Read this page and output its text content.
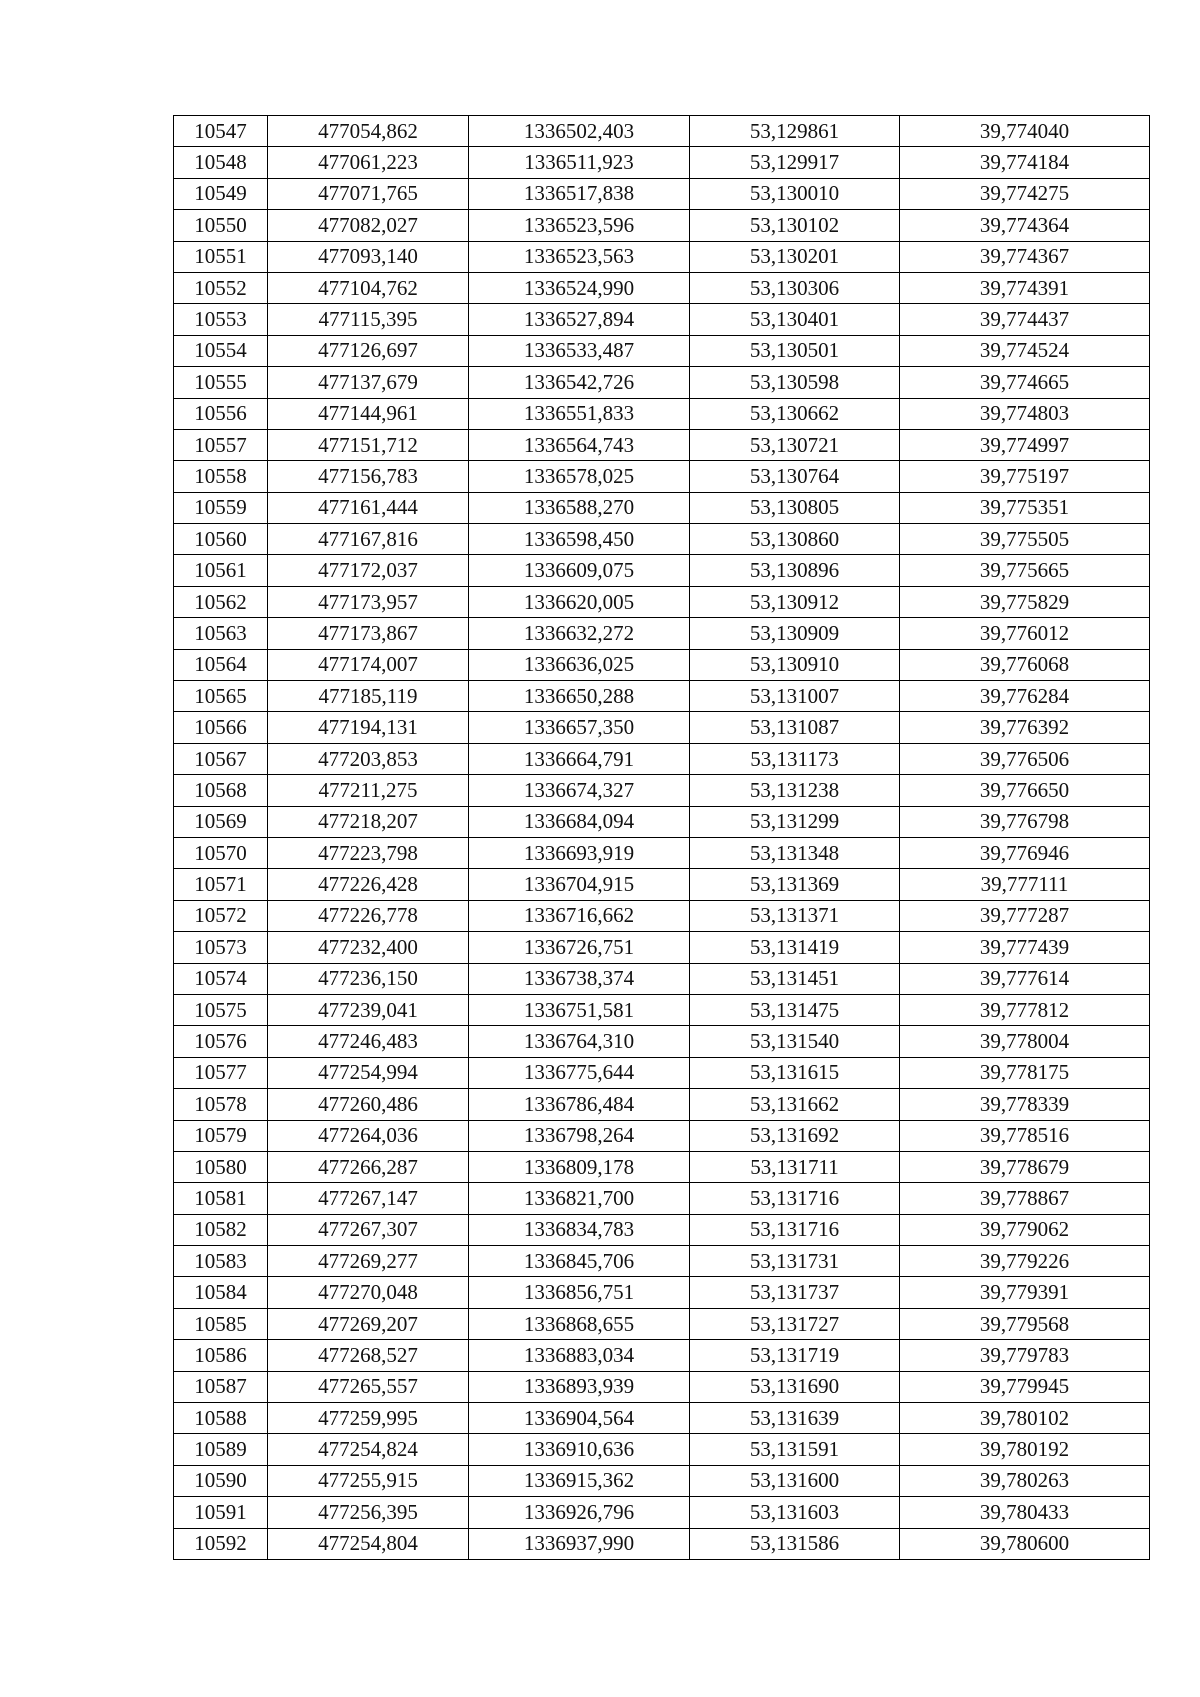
10547	477054,862	1336502,403	53,129861	39,774040
10548	477061,223	1336511,923	53,129917	39,774184
10549	477071,765	1336517,838	53,130010	39,774275
10550	477082,027	1336523,596	53,130102	39,774364
10551	477093,140	1336523,563	53,130201	39,774367
10552	477104,762	1336524,990	53,130306	39,774391
10553	477115,395	1336527,894	53,130401	39,774437
10554	477126,697	1336533,487	53,130501	39,774524
10555	477137,679	1336542,726	53,130598	39,774665
10556	477144,961	1336551,833	53,130662	39,774803
10557	477151,712	1336564,743	53,130721	39,774997
10558	477156,783	1336578,025	53,130764	39,775197
10559	477161,444	1336588,270	53,130805	39,775351
10560	477167,816	1336598,450	53,130860	39,775505
10561	477172,037	1336609,075	53,130896	39,775665
10562	477173,957	1336620,005	53,130912	39,775829
10563	477173,867	1336632,272	53,130909	39,776012
10564	477174,007	1336636,025	53,130910	39,776068
10565	477185,119	1336650,288	53,131007	39,776284
10566	477194,131	1336657,350	53,131087	39,776392
10567	477203,853	1336664,791	53,131173	39,776506
10568	477211,275	1336674,327	53,131238	39,776650
10569	477218,207	1336684,094	53,131299	39,776798
10570	477223,798	1336693,919	53,131348	39,776946
10571	477226,428	1336704,915	53,131369	39,777111
10572	477226,778	1336716,662	53,131371	39,777287
10573	477232,400	1336726,751	53,131419	39,777439
10574	477236,150	1336738,374	53,131451	39,777614
10575	477239,041	1336751,581	53,131475	39,777812
10576	477246,483	1336764,310	53,131540	39,778004
10577	477254,994	1336775,644	53,131615	39,778175
10578	477260,486	1336786,484	53,131662	39,778339
10579	477264,036	1336798,264	53,131692	39,778516
10580	477266,287	1336809,178	53,131711	39,778679
10581	477267,147	1336821,700	53,131716	39,778867
10582	477267,307	1336834,783	53,131716	39,779062
10583	477269,277	1336845,706	53,131731	39,779226
10584	477270,048	1336856,751	53,131737	39,779391
10585	477269,207	1336868,655	53,131727	39,779568
10586	477268,527	1336883,034	53,131719	39,779783
10587	477265,557	1336893,939	53,131690	39,779945
10588	477259,995	1336904,564	53,131639	39,780102
10589	477254,824	1336910,636	53,131591	39,780192
10590	477255,915	1336915,362	53,131600	39,780263
10591	477256,395	1336926,796	53,131603	39,780433
10592	477254,804	1336937,990	53,131586	39,780600
